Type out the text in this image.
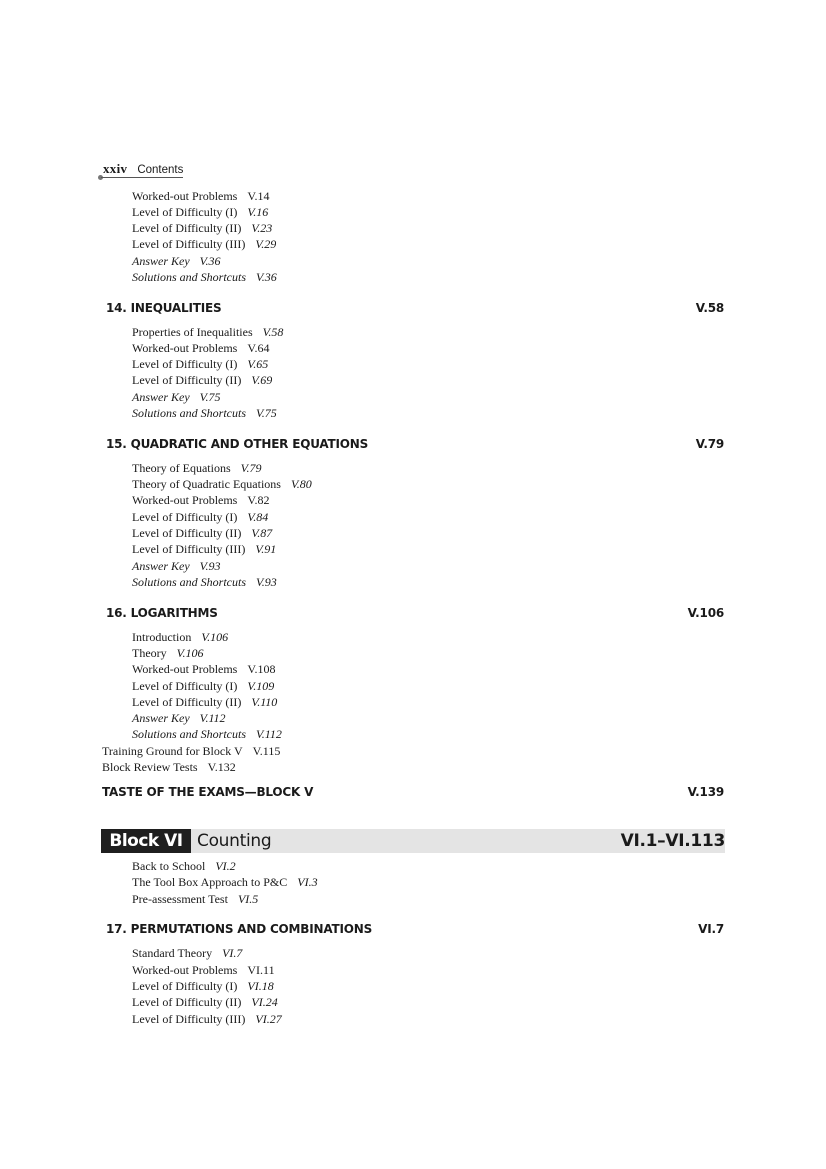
xxiv Contents
Worked-out Problems V.14
Level of Difficulty (I) V.16
Level of Difficulty (II) V.23
Level of Difficulty (III) V.29
Answer Key V.36
Solutions and Shortcuts V.36
14. INEQUALITIES	V.58
Properties of Inequalities V.58
Worked-out Problems V.64
Level of Difficulty (I) V.65
Level of Difficulty (II) V.69
Answer Key V.75
Solutions and Shortcuts V.75
15. QUADRATIC AND OTHER EQUATIONS	V.79
Theory of Equations V.79
Theory of Quadratic Equations V.80
Worked-out Problems V.82
Level of Difficulty (I) V.84
Level of Difficulty (II) V.87
Level of Difficulty (III) V.91
Answer Key V.93
Solutions and Shortcuts V.93
16. LOGARITHMS	V.106
Introduction V.106
Theory V.106
Worked-out Problems V.108
Level of Difficulty (I) V.109
Level of Difficulty (II) V.110
Answer Key V.112
Solutions and Shortcuts V.112
Training Ground for Block V V.115
Block Review Tests V.132
TASTE OF THE EXAMS—BLOCK V	V.139
Block VI Counting	VI.1–VI.113
Back to School VI.2
The Tool Box Approach to P&C VI.3
Pre-assessment Test VI.5
17. PERMUTATIONS AND COMBINATIONS	VI.7
Standard Theory VI.7
Worked-out Problems VI.11
Level of Difficulty (I) VI.18
Level of Difficulty (II) VI.24
Level of Difficulty (III) VI.27
